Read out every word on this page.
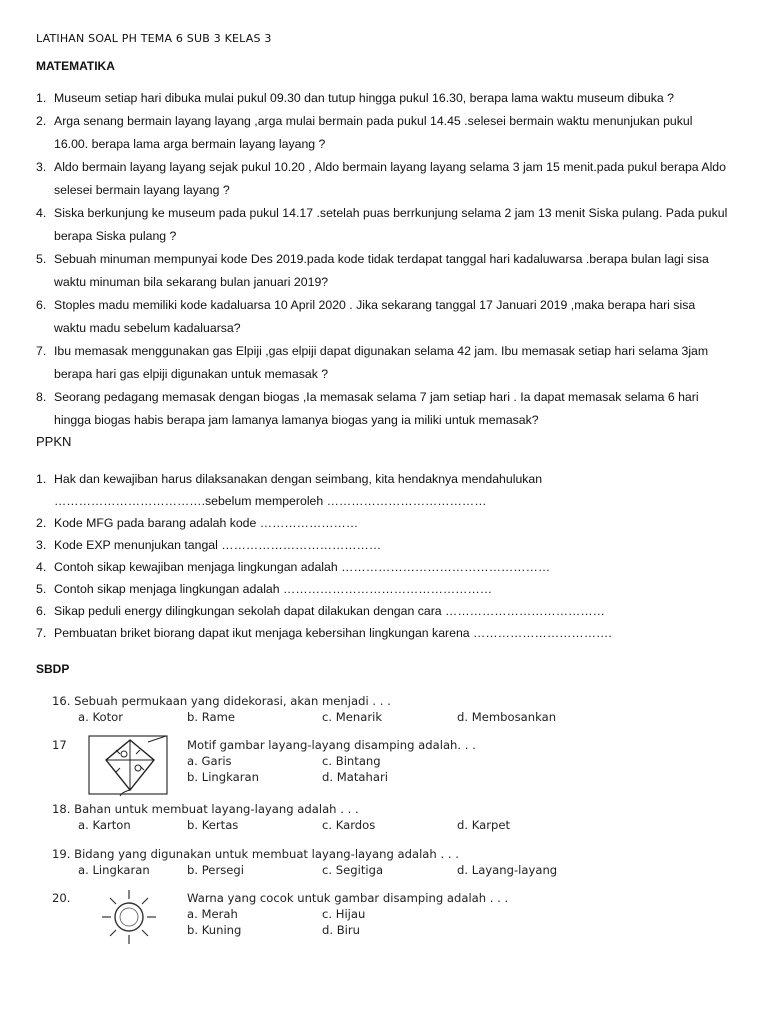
LATIHAN SOAL PH TEMA 6 SUB 3 KELAS 3
MATEMATIKA
1. Museum setiap hari dibuka mulai pukul 09.30 dan tutup hingga pukul 16.30, berapa lama waktu museum dibuka ?
2. Arga senang bermain layang layang ,arga mulai bermain pada pukul 14.45 .selesei bermain waktu menunjukan pukul
16.00. berapa lama arga bermain layang layang ?
3. Aldo bermain layang layang sejak pukul 10.20 , Aldo bermain layang layang selama 3 jam 15 menit.pada pukul berapa Aldo
selesei bermain layang layang ?
4. Siska berkunjung ke museum pada pukul 14.17 .setelah puas berrkunjung selama 2 jam 13 menit Siska pulang. Pada pukul
berapa Siska pulang ?
5. Sebuah minuman mempunyai kode Des 2019.pada kode tidak terdapat tanggal hari kadaluwarsa .berapa bulan lagi sisa
waktu minuman bila sekarang bulan januari 2019?
6. Stoples madu memiliki kode kadaluarsa 10 April 2020 . Jika sekarang tanggal 17 Januari 2019 ,maka berapa hari sisa
waktu madu sebelum kadaluarsa?
7. Ibu memasak menggunakan gas Elpiji ,gas elpiji dapat digunakan selama 42 jam. Ibu memasak setiap hari selama 3jam
berapa hari gas elpiji digunakan untuk memasak ?
8. Seorang pedagang memasak dengan biogas ,Ia memasak selama 7 jam setiap hari . Ia dapat memasak selama 6 hari
hingga biogas habis berapa jam lamanya lamanya biogas yang ia miliki untuk memasak?
PPKN
1. Hak dan kewajiban harus dilaksanakan dengan seimbang, kita hendaknya mendahulukan
……………………………….sebelum memperoleh …………………………………
2. Kode MFG pada barang adalah kode ……………………
3. Kode EXP menunjukan tangal …………………………………
4. Contoh sikap kewajiban menjaga lingkungan adalah ……………………………………………
5. Contoh sikap menjaga lingkungan adalah ……………………………………………
6. Sikap peduli energy dilingkungan sekolah dapat dilakukan dengan cara …………………………………
7. Pembuatan briket biorang dapat ikut menjaga kebersihan lingkungan karena …………………………….
SBDP
16. Sebuah permukaan yang didekorasi, akan menjadi . . .
a. Kotor	b. Rame	c. Menarik	d. Membosankan
17	Motif gambar layang-layang disamping adalah. . .
a. Garis	c. Bintang
b. Lingkaran	d. Matahari
18. Bahan untuk membuat layang-layang adalah . . .
a. Karton	b. Kertas	c. Kardos	d. Karpet
19. Bidang yang digunakan untuk membuat layang-layang adalah . . .
a. Lingkaran	b. Persegi	c. Segitiga	d. Layang-layang
20.	Warna yang cocok untuk gambar disamping adalah . . .
a. Merah	c. Hijau
b. Kuning	d. Biru
